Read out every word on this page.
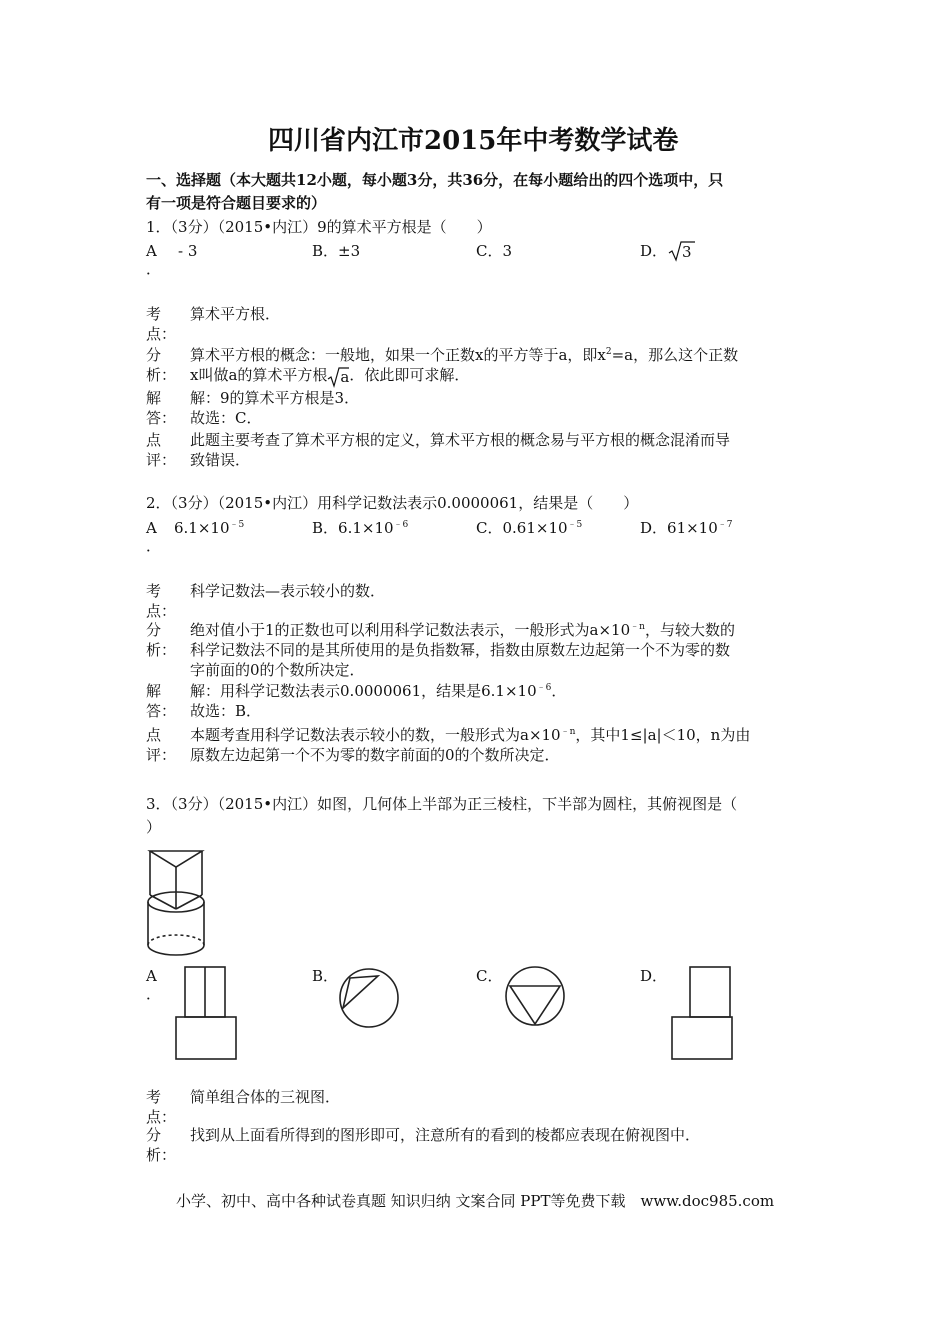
四川省内江市2015年中考数学试卷
一、选择题（本大题共12小题，每小题3分，共36分，在每小题给出的四个选项中，只
有一项是符合题目要求的）
1．（3分）（2015•内江）9的算术平方根是（　　）
A
．
- 3	B．±3	C．3	D． 3
考
点：
算术平方根．
分
析：
算术平方根的概念：一般地，如果一个正数x的平方等于a，即$x^2=a$，那么这个正数
x叫做a的算术平方根 a ．依此即可求解．
解
答：
解：9的算术平方根是3．
故选：C．
点
评：
此题主要考查了算术平方根的定义，算术平方根的概念易与平方根的概念混淆而导
致错误．
2．（3分）（2015•内江）用科学记数法表示0.0000061，结果是（　　）
A
．
$6.1\times 10^{﹣5}$	B．$6.1\times 10^{﹣6}$	C．$0.61\times 10^{﹣5}$	D．$61\times 10^{﹣7}$
考
点：
科学记数法—表示较小的数．
分
析：
绝对值小于1的正数也可以利用科学记数法表示，一般形式为$a\times 10^{﹣n}$，与较大数的
科学记数法不同的是其所使用的是负指数幂，指数由原数左边起第一个不为零的数
字前面的0的个数所决定．
解
答：
解：用科学记数法表示0.0000061，结果是$6.1\times 10^{﹣6}$．
故选：B．
点
评：
本题考查用科学记数法表示较小的数，一般形式为$a\times 10^{﹣n}$，其中1≤|a|＜10，n为由
原数左边起第一个不为零的数字前面的0的个数所决定．
3．（3分）（2015•内江）如图，几何体上半部为正三棱柱，下半部为圆柱，其俯视图是（
）
A
．
B．	C．	D．
考
点：
简单组合体的三视图．
分
析：
找到从上面看所得到的图形即可，注意所有的看到的棱都应表现在俯视图中．
小学、初中、高中各种试卷真题 知识归纳 文案合同 PPT等免费下载　www.doc985.com
